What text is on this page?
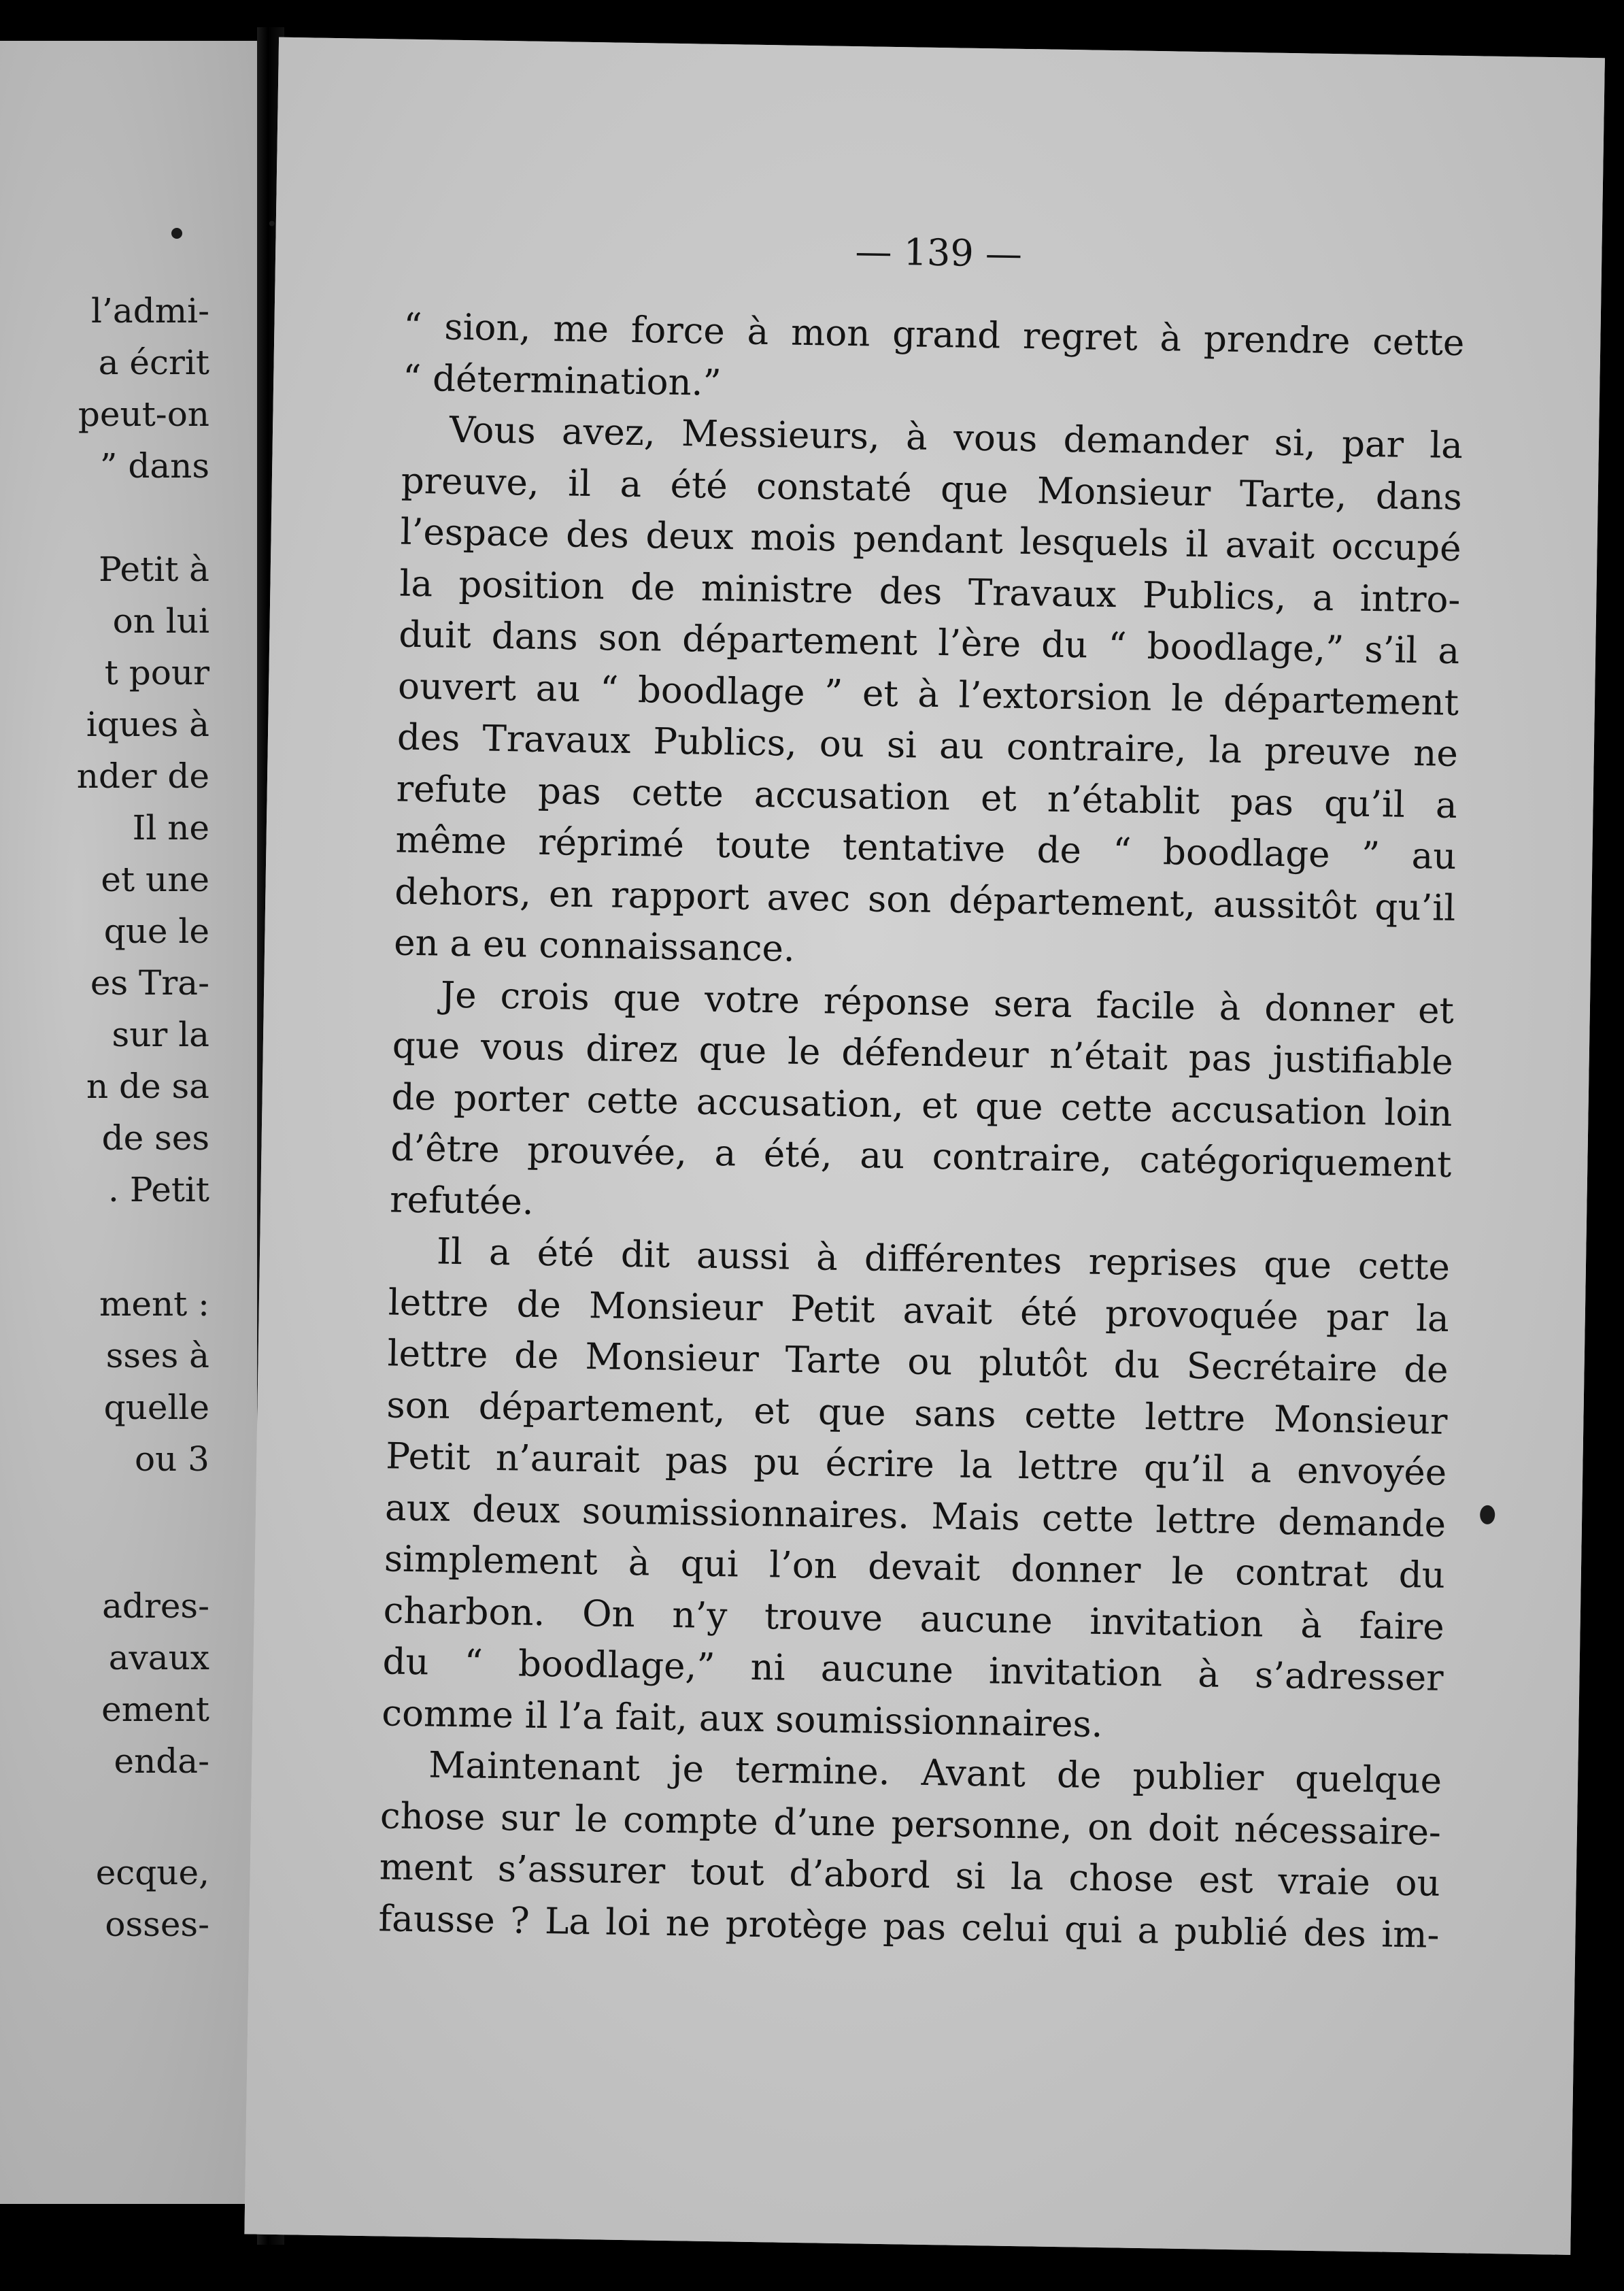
l’admi-
a écrit
peut-on
” dans
Petit à
on lui
t pour
iques à
nder de
Il ne
et une
que le
es Tra-
sur la
n de sa
de ses
. Petit
ment :
sses à
quelle
ou 3
adres-
avaux
ement
enda-
ecque,
osses-
— 139 —
“ sion, me force à mon grand regret à prendre cette
“ détermination.”
Vous avez, Messieurs, à vous demander si, par la
preuve, il a été constaté que Monsieur Tarte, dans
l’espace des deux mois pendant lesquels il avait occupé
la position de ministre des Travaux Publics, a intro-
duit dans son département l’ère du “ boodlage,” s’il a
ouvert au “ boodlage ” et à l’extorsion le département
des Travaux Publics, ou si au contraire, la preuve ne
refute pas cette accusation et n’établit pas qu’il a
même réprimé toute tentative de “ boodlage ” au
dehors, en rapport avec son département, aussitôt qu’il
en a eu connaissance.
Je crois que votre réponse sera facile à donner et
que vous direz que le défendeur n’était pas justifiable
de porter cette accusation, et que cette accusation loin
d’être prouvée, a été, au contraire, catégoriquement
refutée.
Il a été dit aussi à différentes reprises que cette
lettre de Monsieur Petit avait été provoquée par la
lettre de Monsieur Tarte ou plutôt du Secrétaire de
son département, et que sans cette lettre Monsieur
Petit n’aurait pas pu écrire la lettre qu’il a envoyée
aux deux soumissionnaires. Mais cette lettre demande
simplement à qui l’on devait donner le contrat du
charbon. On n’y trouve aucune invitation à faire
du “ boodlage,” ni aucune invitation à s’adresser
comme il l’a fait, aux soumissionnaires.
Maintenant je termine. Avant de publier quelque
chose sur le compte d’une personne, on doit nécessaire-
ment s’assurer tout d’abord si la chose est vraie ou
fausse ? La loi ne protège pas celui qui a publié des im-
